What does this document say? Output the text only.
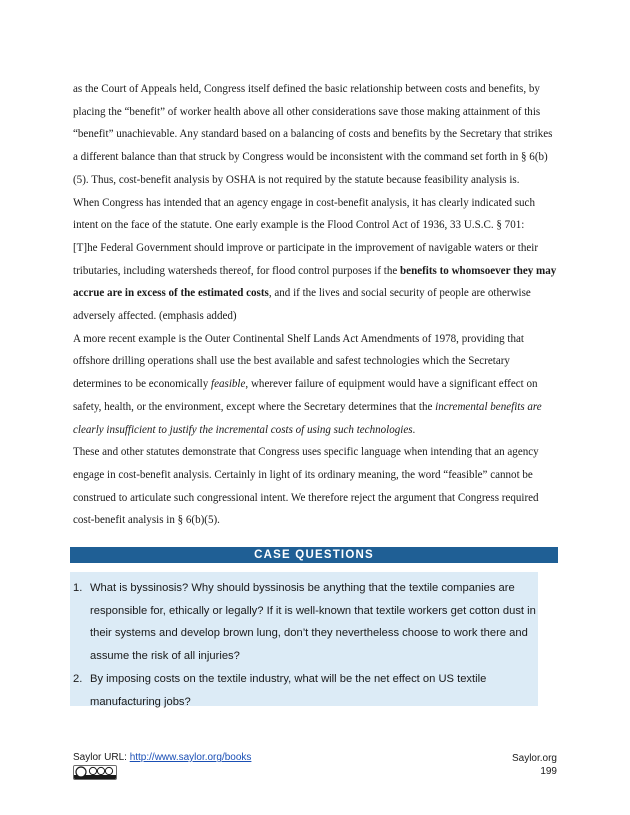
as the Court of Appeals held, Congress itself defined the basic relationship between costs and benefits, by placing the “benefit” of worker health above all other considerations save those making attainment of this “benefit” unachievable. Any standard based on a balancing of costs and benefits by the Secretary that strikes a different balance than that struck by Congress would be inconsistent with the command set forth in § 6(b)(5). Thus, cost-benefit analysis by OSHA is not required by the statute because feasibility analysis is.

When Congress has intended that an agency engage in cost-benefit analysis, it has clearly indicated such intent on the face of the statute. One early example is the Flood Control Act of 1936, 33 U.S.C. § 701:

[T]he Federal Government should improve or participate in the improvement of navigable waters or their tributaries, including watersheds thereof, for flood control purposes if the benefits to whomsoever they may accrue are in excess of the estimated costs, and if the lives and social security of people are otherwise adversely affected. (emphasis added)

A more recent example is the Outer Continental Shelf Lands Act Amendments of 1978, providing that offshore drilling operations shall use the best available and safest technologies which the Secretary determines to be economically feasible, wherever failure of equipment would have a significant effect on safety, health, or the environment, except where the Secretary determines that the incremental benefits are clearly insufficient to justify the incremental costs of using such technologies.

These and other statutes demonstrate that Congress uses specific language when intending that an agency engage in cost-benefit analysis. Certainly in light of its ordinary meaning, the word “feasible” cannot be construed to articulate such congressional intent. We therefore reject the argument that Congress required cost-benefit analysis in § 6(b)(5).

CASE QUESTIONS
1. What is byssinosis? Why should byssinosis be anything that the textile companies are responsible for, ethically or legally? If it is well-known that textile workers get cotton dust in their systems and develop brown lung, don’t they nevertheless choose to work there and assume the risk of all injuries?
2. By imposing costs on the textile industry, what will be the net effect on US textile manufacturing jobs?
Saylor URL: http://www.saylor.org/books	Saylor.org
199
